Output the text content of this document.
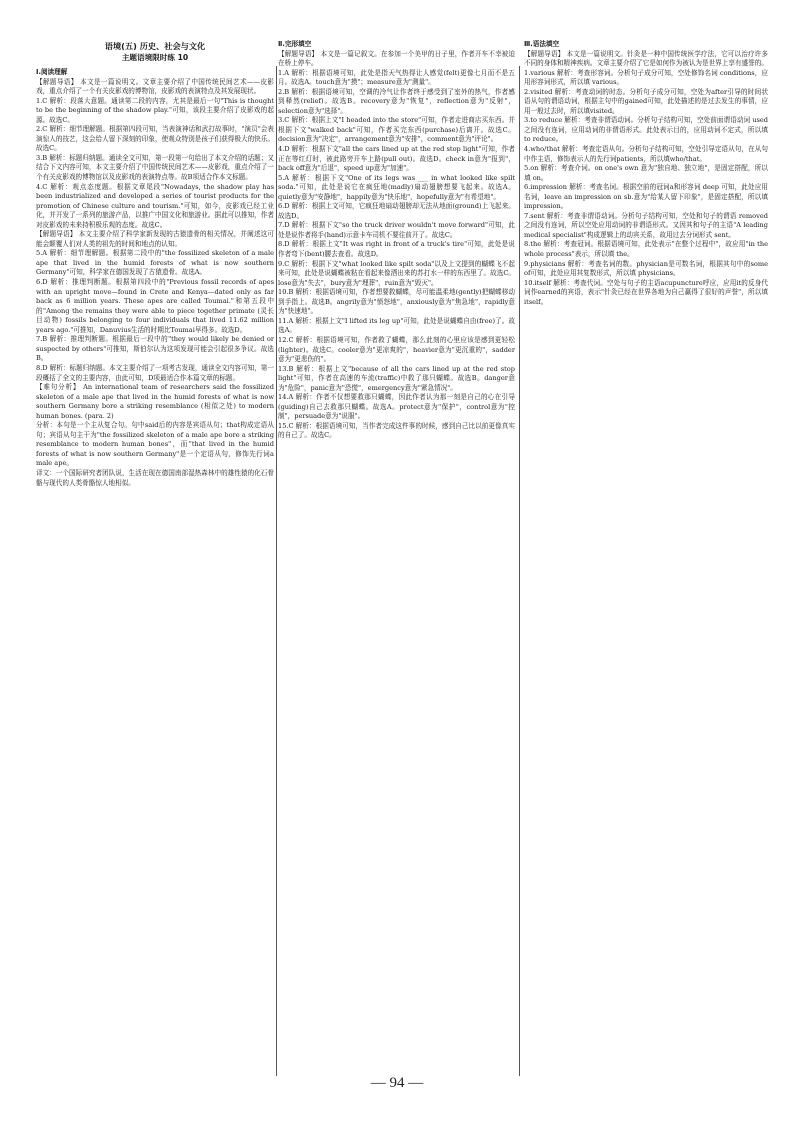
语境(五) 历史、社会与文化
主题语境限时练 10
Ⅰ.阅读理解

【解题导语】 本文是一篇说明文。文章主要介绍了中国传统民间艺术——皮影戏，重点介绍了一个有关皮影戏的博物馆，皮影戏的表演特点及其发展现状。

1.C 解析：段落大意题。通读第二段的内容，尤其是最后一句"This is thought to be the beginning of the shadow play."可知，该段主要介绍了皮影戏的起源。故选C。

2.C 解析：细节理解题。根据第四段可知，当表演神话和武打故事时，"演员"会表演惊人的技艺，这会给人留下深刻的印象，使观众特别是孩子们获得极大的快乐。故选C。

3.B 解析：标题归纳题。通读全文可知，第一段第一句给出了本文介绍的话题；又结合下文内容可知，本文主要介绍了中国传统民间艺术——皮影戏，重点介绍了一个有关皮影戏的博物馆以及皮影戏的表演特点等。故B项适合作本文标题。

4.C 解析：观点态度题。根据文章尾段"Nowadays, the shadow play has been industrialized and developed a series of tourist products for the promotion of Chinese culture and tourism."可知，如今，皮影戏已经工业化，并开发了一系列的旅游产品，以推广中国文化和旅游业。据此可以推知，作者对皮影戏的未来持积极乐观的态度。故选C。

【解题导语】 本文主要介绍了科学家新发现的古猿遗骨的相关情况，并阐述这可能会颠覆人们对人类的祖先的时间和地点的认知。

5.A 解析：细节理解题。根据第二段中的"the fossilized skeleton of a male ape that lived in the humid forests of what is now southern Germany"可知，科学家在德国发现了古猿遗骨。故选A。

6.D 解析：推理判断题。根据第四段中的"Previous fossil records of apes with an upright move—found in Crete and Kenya—dated only as far back as 6 million years. These apes are called Toumai."和第五段中的"Among the remains they were able to piece together primate (灵长目动物) fossils belonging to four individuals that lived 11.62 million years ago."可推知，Danuvius生活的时期比Toumai早得多。故选D。

7.B 解析：推理判断题。根据最后一段中的"they would likely be denied or suspected by others"可推知，斯伯尔认为这项发现可能会引起很多争议。故选B。

8.D 解析：标题归纳题。本文主要介绍了一项考古发现，通读全文内容可知，第一段概括了全文的主要内容，由此可知，D项最适合作本篇文章的标题。

【难句分析】 An international team of researchers said the fossilized skeleton of a male ape that lived in the humid forests of what is now southern Germany bore a striking resemblance (相似之处) to modern human bones. (para. 2)

分析：本句是一个主从复合句。句中said后的内容是宾语从句；that构成定语从句；宾语从句主干为"the fossilized skeleton of a male ape bore a striking resemblance to modern human bones"，而"that lived in the humid forests of what is now southern Germany"是一个定语从句，修饰先行词a male ape。

译文：一个国际研究者团队说，生活在现在德国南部湿热森林中的雄性猿的化石骨骼与现代的人类骨骼惊人地相似。

Ⅱ.完形填空

【解题导语】 本文是一篇记叙文。在参加一个美甲的日子里，作者开车不幸被迫在桥上停车。

1.A 解析：根据语境可知，此处是指天气热得让人感觉(felt)更像七月而不是五月。故选A。touch意为"摸"；measure意为"测量"。

2.B 解析：根据语境可知，空调的冷气让作者终于感受到了室外的热气，作者感到释然(relief)。故选B。recovery意为"恢复"，reflection意为"反射"，selection意为"选择"。

3.C 解析：根据上文"I headed into the store"可知，作者走进商店买东西。并根据下文"walked back"可知，作者买完东西(purchase)后离开。故选C。decision意为"决定"，arrangement意为"安排"，comment意为"评论"。

4.D 解析：根据下文"all the cars lined up at the red stop light"可知，作者正在等红灯时，被此路旁开车上路(pull out)。故选D。check in意为"报到"，back off意为"后退"，speed up意为"加速"。

5.A 解析：根据下文"One of its legs was ___ in what looked like spilt soda."可知，此处是说它在疯狂地(madly)扇动翅膀想要飞起来。故选A。quietly意为"安静地"，happily意为"快乐地"，hopefully意为"有希望地"。

6.D 解析：根据上文可知，它疯狂地扇动翅膀却无法从地面(ground)上飞起来。故选D。

7.D 解析：根据下文"so the truck driver wouldn't move forward"可知，此处是说作者将手(hand)示意卡车司机不要往前开了。故选C。

8.D 解析：根据上文"It was right in front of a truck's tire"可知，此处是说作者弯下(bent)腰去查看。故选D。

9.C 解析：根据下文"what looked like spilt soda"以及上文提到的蝴蝶飞不起来可知，此处是说蝴蝶被粘在看起来像洒出来的苏打水一样的东西里了。故选C。lose意为"失去"，bury意为"埋葬"，ruin意为"毁灭"。

10.B 解析：根据语境可知，作者想要救蝴蝶，尽可能温柔地(gently)把蝴蝶移动到手指上。故选B。angrily意为"愤怒地"，anxiously意为"焦急地"，rapidly意为"快速地"。

11.A 解析：根据上文"I lifted its leg up"可知，此处是说蝴蝶自由(free)了。故选A。

12.C 解析：根据语境可知，作者救了蝴蝶，那么此刻的心里应该是感到更轻松(lighter)。故选C。cooler意为"更凉爽的"，heavier意为"更沉重的"，sadder意为"更悲伤的"。

13.B 解析：根据上文"because of all the cars lined up at the red stop light"可知，作者在高速的车流(traffic)中救了那只蝴蝶。故选B。danger意为"危险"，panic意为"恐慌"，emergency意为"紧急情况"。

14.A 解析：作者不仅想要救那只蝴蝶，因此作者认为那一刻是自己的心在引导(guiding)自己去救那只蝴蝶。故选A。protect意为"保护"，control意为"控制"，persuade意为"说服"。

15.C 解析：根据语境可知，当作者完成这件事的时候，感到自己比以前更像真实的自己了。故选C。

Ⅲ.语法填空

【解题导语】 本文是一篇说明文。针灸是一种中国传统医学疗法，它可以治疗许多不同的身体和精神疾病。文章主要介绍了它是如何作为被认为是世界上享有盛誉的。

1.various 解析：考查形容词。分析句子成分可知，空处修饰名词 conditions，应用形容词形式，所以填 various。

2.visited 解析：考查动词的时态。分析句子成分可知，空处为after引导的时间状语从句的谓语动词，根据主句中的gained可知，此处描述的是过去发生的事情，应用一般过去时，所以填visited。

3.to reduce 解析：考查非谓语动词。分析句子结构可知，空处前面谓语动词 used 之间没有连词，应用动词的非谓语形式。此处表示目的，应用动词不定式，所以填 to reduce。

4.who/that 解析：考查定语从句。分析句子结构可知，空处引导定语从句，在从句中作主语，修饰表示人的先行词patients，所以填who/that。

5.on 解析：考查介词。on one's own 意为"独自地、独立地"，是固定搭配，所以填 on。

6.impression 解析：考查名词。根据空前的冠词a和形容词 deep 可知，此处应用名词，leave an impression on sb.意为"给某人留下印象"，是固定搭配，所以填 impression。

7.sent 解析：考查非谓语动词。分析句子结构可知，空处和句子的谓语 removed 之间没有连词，所以空处应用动词的非谓语形式。又因其和句子的主语"A leading medical specialist"构成逻辑上的动宾关系，故用过去分词形式 sent。

8.the 解析：考查冠词。根据语境可知，此处表示"在整个过程中"，故应用"in the whole process"表示，所以填 the。

9.physicians 解析：考查名词的数。physician是可数名词，根据其句中的some of可知，此处应用其复数形式，所以填 physicians。

10.itself 解析：考查代词。空处与句子的主语acupuncture呼应，应用it的反身代词作earned的宾语，表示"针灸已经在世界各地为自己赢得了很好的声誉"，所以填 itself。

— 94 —
